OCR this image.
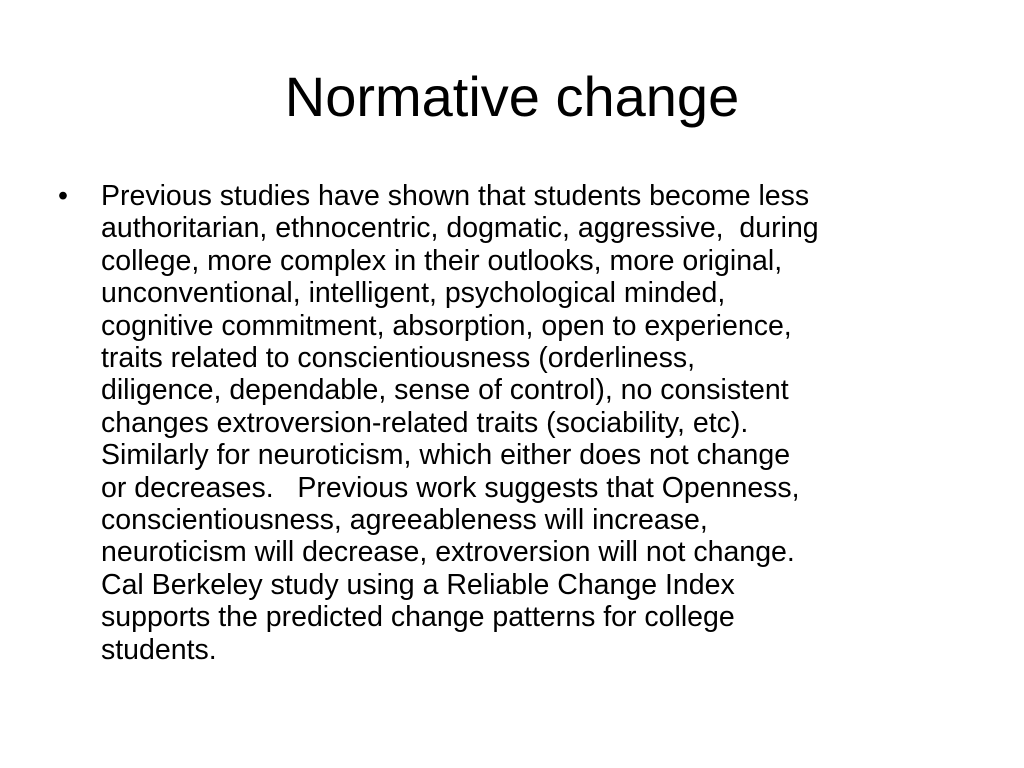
Normative change
• Previous studies have shown that students become less
authoritarian, ethnocentric, dogmatic, aggressive,  during
college, more complex in their outlooks, more original,
unconventional, intelligent, psychological minded,
cognitive commitment, absorption, open to experience,
traits related to conscientiousness (orderliness,
diligence, dependable, sense of control), no consistent
changes extroversion-related traits (sociability, etc).
Similarly for neuroticism, which either does not change
or decreases.   Previous work suggests that Openness,
conscientiousness, agreeableness will increase,
neuroticism will decrease, extroversion will not change.
Cal Berkeley study using a Reliable Change Index
supports the predicted change patterns for college
students.
